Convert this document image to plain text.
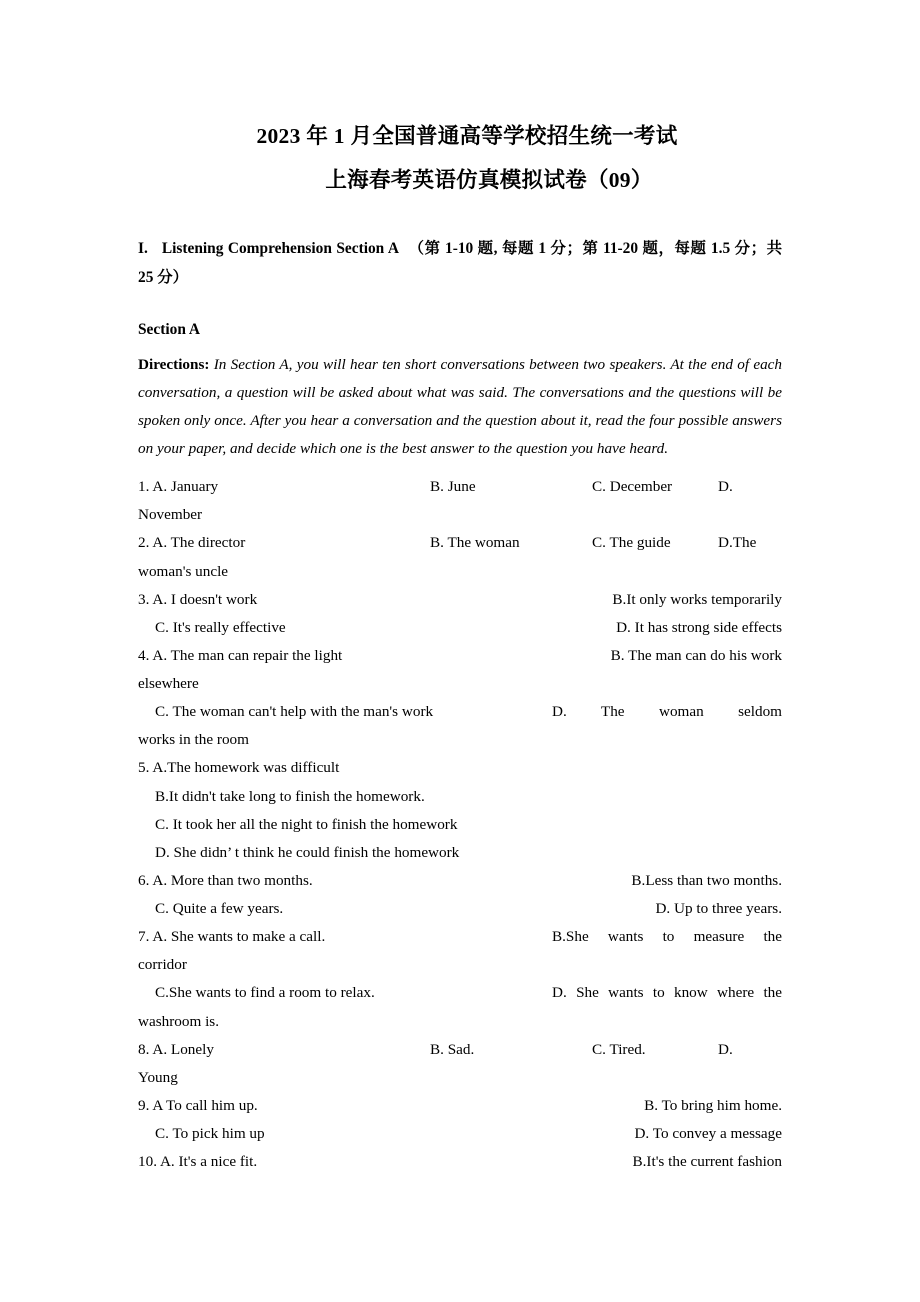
2023 年 1 月全国普通高等学校招生统一考试
上海春考英语仿真模拟试卷（09）
I. Listening Comprehension Section A （第 1-10 题, 每题 1 分；第 11-20 题，每题 1.5 分；共 25 分）
Section A
Directions: In Section A, you will hear ten short conversations between two speakers. At the end of each conversation, a question will be asked about what was said. The conversations and the questions will be spoken only once. After you hear a conversation and the question about it, read the four possible answers on your paper, and decide which one is the best answer to the question you have heard.
1. A. January	B. June	C. December	D.
November
2. A. The director	B. The woman	C. The guide	D.The
woman's uncle
3. A. I doesn't work	B.It only works temporarily
C. It's really effective	D. It has strong side effects
4. A. The man can repair the light	B. The man can do his work
elsewhere
C. The woman can't help with the man's work	D. The woman seldom
works in the room
5. A.The homework was difficult
B.It didn't take long to finish the homework.
C. It took her all the night to finish the homework
D. She didn’ t think he could finish the homework
6. A. More than two months.	B.Less than two months.
C. Quite a few years.	D. Up to three years.
7. A. She wants to make a call.	B.She wants to measure the
corridor
C.She wants to find a room to relax.	D. She wants to know where the
washroom is.
8. A. Lonely	B. Sad.	C. Tired.	D.
Young
9. A To call him up.	B. To bring him home.
C. To pick him up	D. To convey a message
10. A. It's a nice fit.	B.It's the current fashion
